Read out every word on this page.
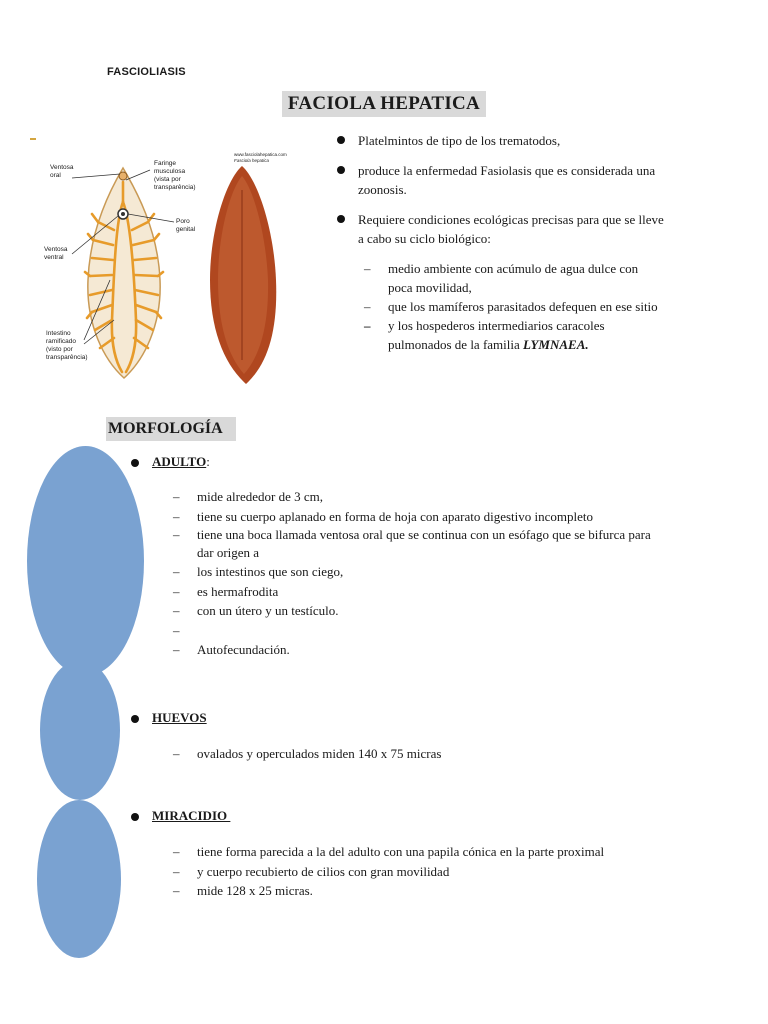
FASCIOLIASIS
FACIOLA HEPATICA
Ventosa
oral
Faringe
musculosa
(vista por
transparência)
Poro
genital
Ventosa
ventral
Intestino
ramificado
(visto por
transparência)
www.fasciolahepatica.com
Fasciola hepatica
Platelmintos de tipo de los trematodos,
produce la enfermedad Fasiolasis que es considerada una zoonosis.
Requiere condiciones ecológicas precisas para que se lleve a cabo su ciclo biológico:
– medio ambiente con acúmulo de agua dulce con poca movilidad,
– que los mamíferos parasitados defequen en ese sitio
– y los hospederos intermediarios caracoles pulmonados de la familia LYMNAEA.
MORFOLOGÍA
ADULTO:
– mide alrededor de 3 cm,
– tiene su cuerpo aplanado en forma de hoja con aparato digestivo incompleto
– tiene una boca llamada ventosa oral que se continua con un esófago que se bifurca para dar origen a
– los intestinos que son ciego,
– es hermafrodita
– con un útero y un testículo.
–
– Autofecundación.
HUEVOS
– ovalados y operculados miden 140 x 75 micras
MIRACIDIO
– tiene forma parecida a la del adulto con una papila cónica en la parte proximal
– y cuerpo recubierto de cilios con gran movilidad
– mide 128 x 25 micras.
